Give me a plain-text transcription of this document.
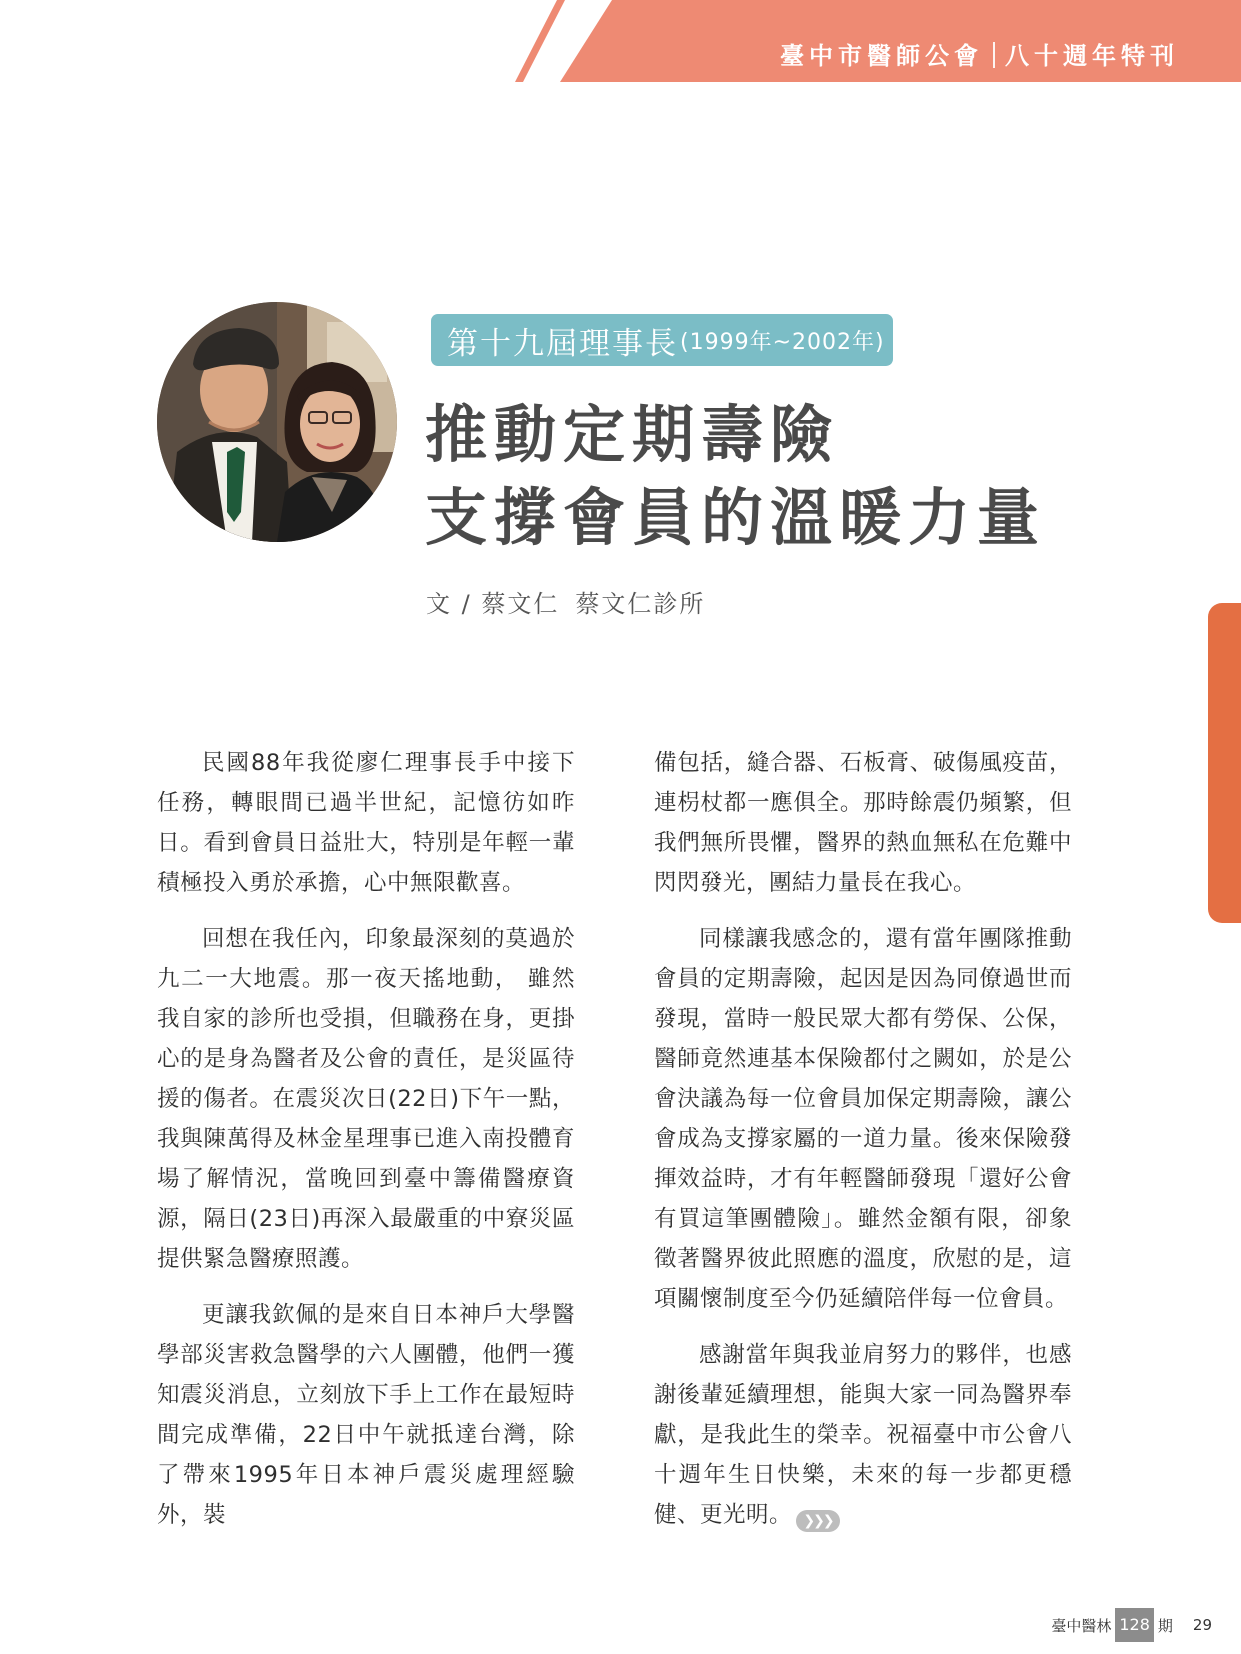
臺中市醫師公會 八十週年特刊
第十九屆理事長 (1999年~2002年)
推動定期壽險
支撐會員的溫暖力量
文 / 蔡文仁 蔡文仁診所

民國88年我從廖仁理事長手中接下任務，轉眼間已過半世紀，記憶彷如昨日。看到會員日益壯大，特別是年輕一輩積極投入勇於承擔，心中無限歡喜。

回想在我任內，印象最深刻的莫過於九二一大地震。那一夜天搖地動， 雖然我自家的診所也受損，但職務在身，更掛心的是身為醫者及公會的責任，是災區待援的傷者。在震災次日(22日)下午一點，我與陳萬得及林金星理事已進入南投體育場了解情況，當晚回到臺中籌備醫療資源，隔日(23日)再深入最嚴重的中寮災區提供緊急醫療照護。

更讓我欽佩的是來自日本神戶大學醫學部災害救急醫學的六人團體，他們一獲知震災消息，立刻放下手上工作在最短時間完成準備，22日中午就抵達台灣，除了帶來1995年日本神戶震災處理經驗外，裝

備包括，縫合器、石板膏、破傷風疫苗，連枴杖都一應俱全。那時餘震仍頻繁，但我們無所畏懼，醫界的熱血無私在危難中閃閃發光，團結力量長在我心。

同樣讓我感念的，還有當年團隊推動會員的定期壽險，起因是因為同僚過世而發現，當時一般民眾大都有勞保、公保，醫師竟然連基本保險都付之闕如，於是公會決議為每一位會員加保定期壽險，讓公會成為支撐家屬的一道力量。後來保險發揮效益時，才有年輕醫師發現「還好公會有買這筆團體險」。雖然金額有限，卻象徵著醫界彼此照應的溫度，欣慰的是，這項關懷制度至今仍延續陪伴每一位會員。

感謝當年與我並肩努力的夥伴，也感謝後輩延續理想，能與大家一同為醫界奉獻，是我此生的榮幸。祝福臺中市公會八十週年生日快樂，未來的每一步都更穩健、更光明。 ❯❯❯

臺中醫林 128 期 29
